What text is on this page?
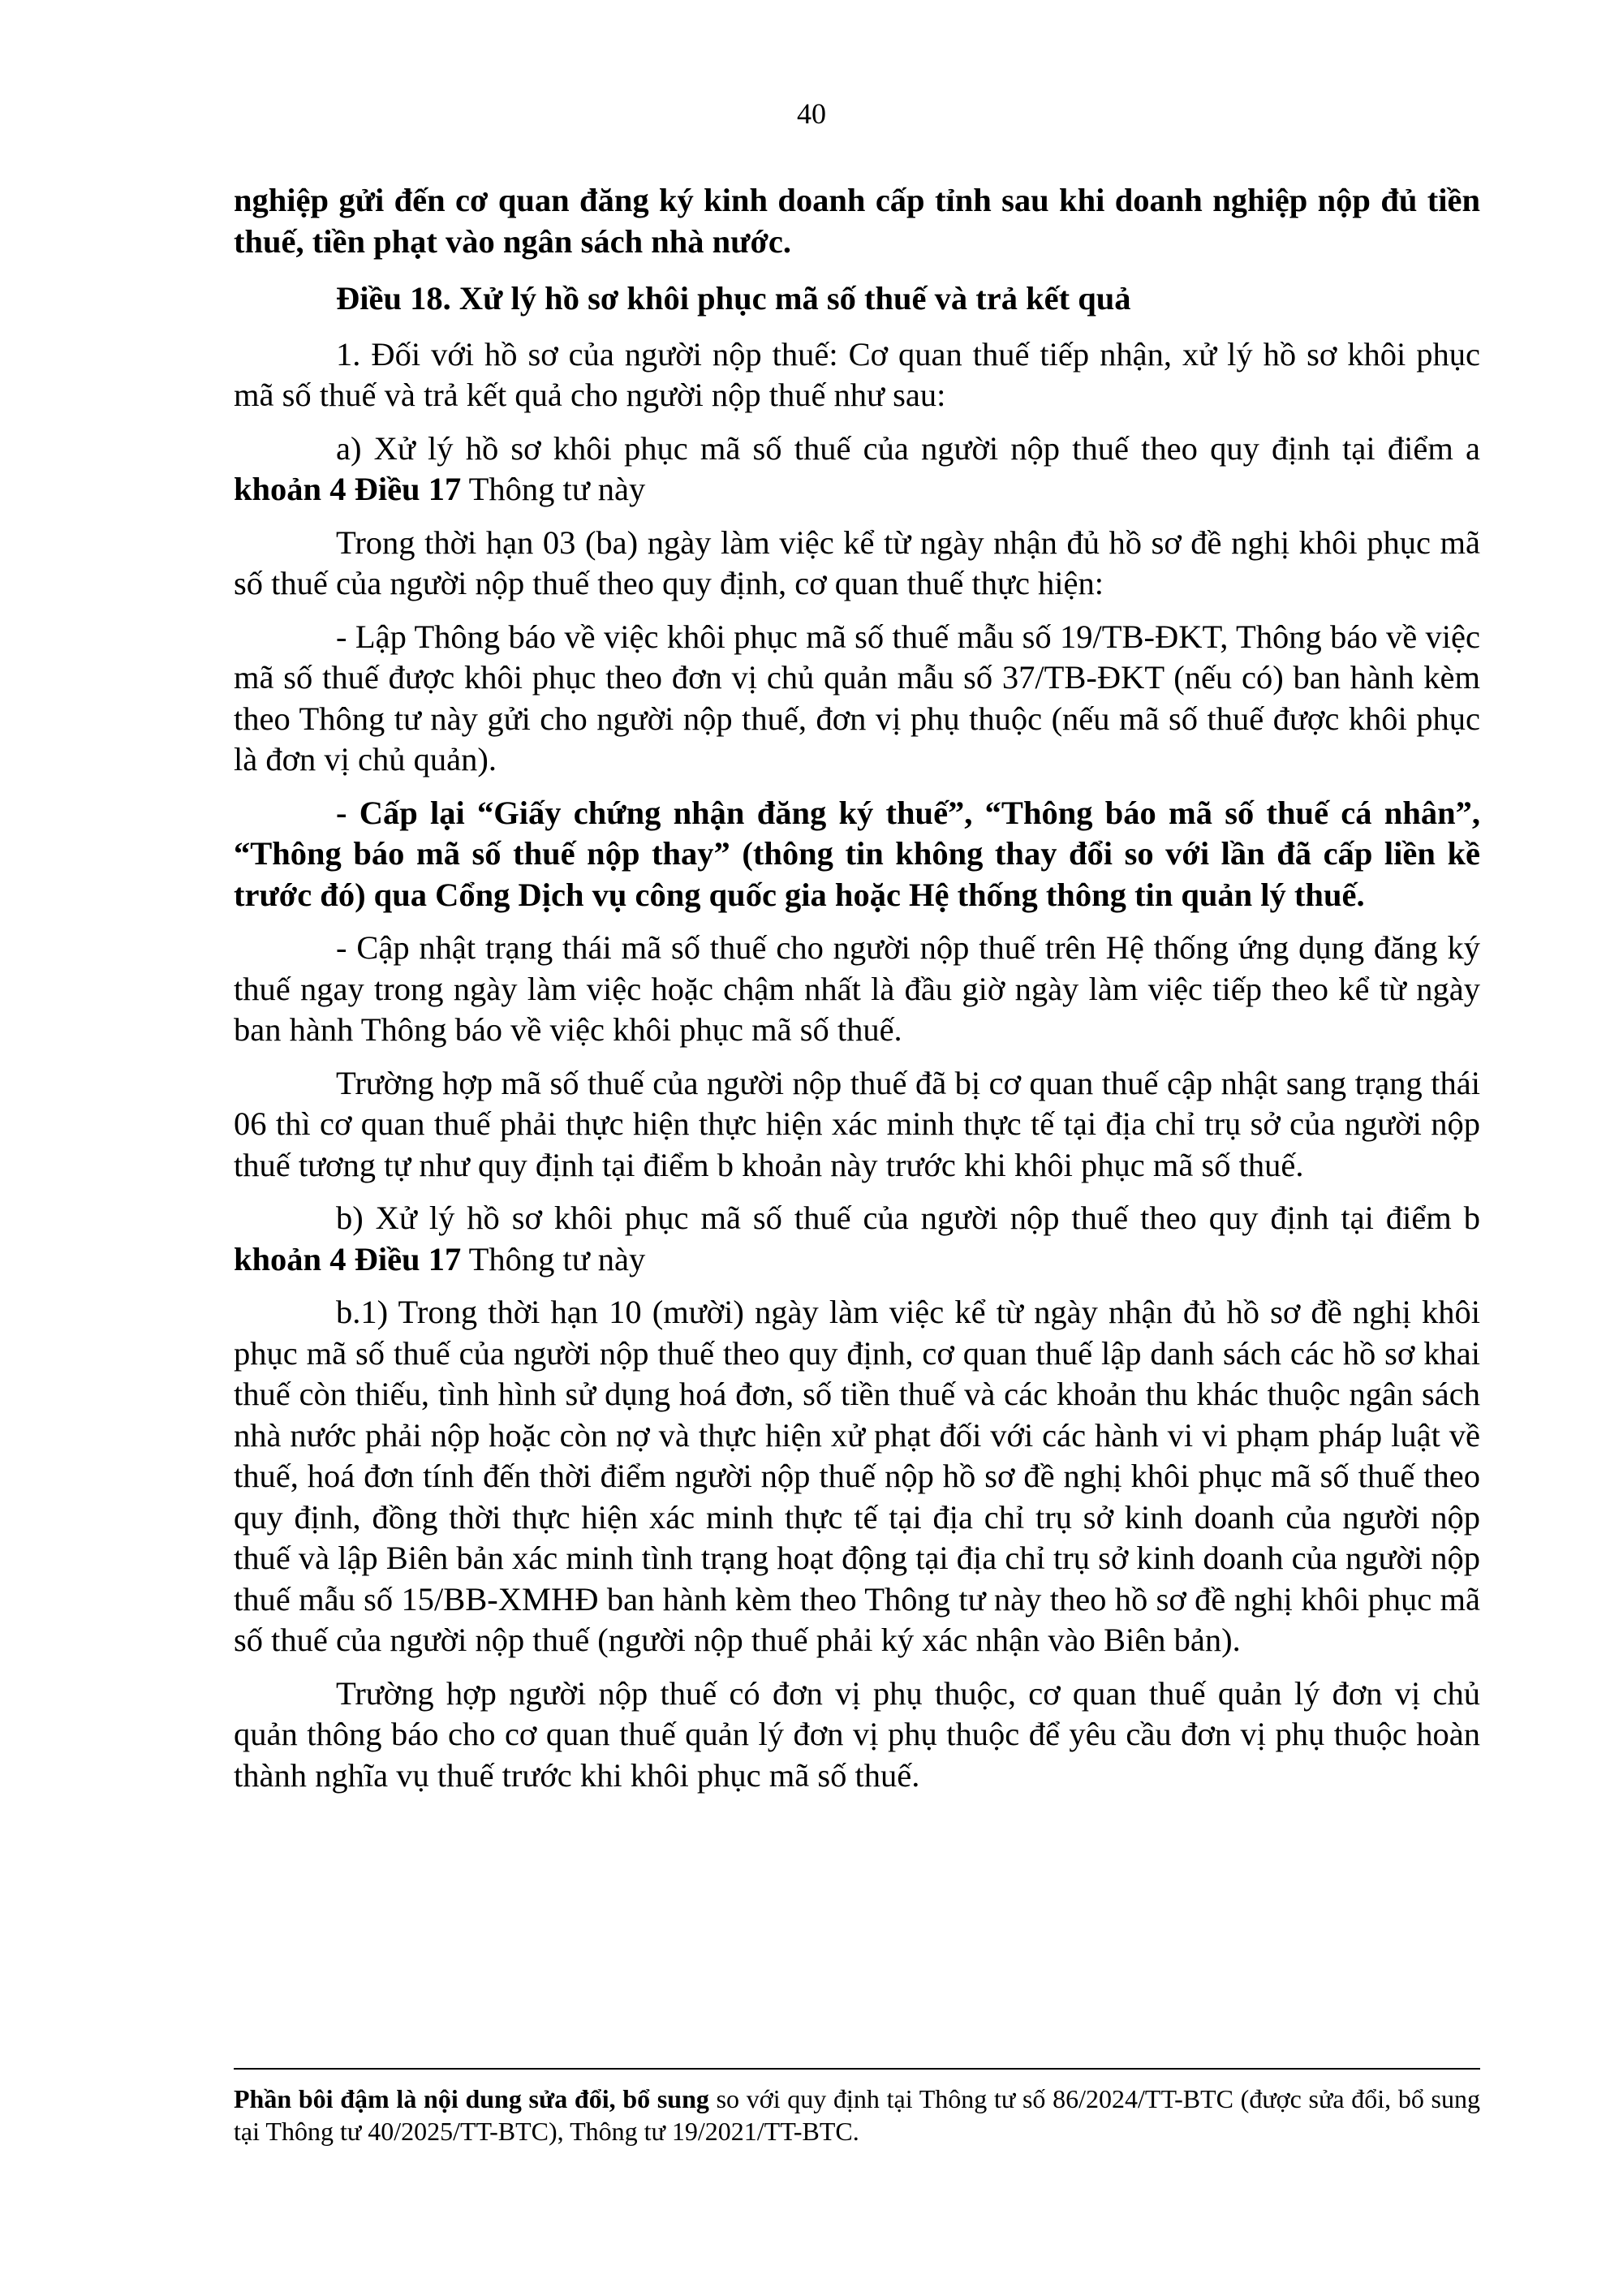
40

nghiệp gửi đến cơ quan đăng ký kinh doanh cấp tỉnh sau khi doanh nghiệp nộp đủ tiền thuế, tiền phạt vào ngân sách nhà nước.

Điều 18. Xử lý hồ sơ khôi phục mã số thuế và trả kết quả

1. Đối với hồ sơ của người nộp thuế: Cơ quan thuế tiếp nhận, xử lý hồ sơ khôi phục mã số thuế và trả kết quả cho người nộp thuế như sau:

a) Xử lý hồ sơ khôi phục mã số thuế của người nộp thuế theo quy định tại điểm a khoản 4 Điều 17 Thông tư này

Trong thời hạn 03 (ba) ngày làm việc kể từ ngày nhận đủ hồ sơ đề nghị khôi phục mã số thuế của người nộp thuế theo quy định, cơ quan thuế thực hiện:

- Lập Thông báo về việc khôi phục mã số thuế mẫu số 19/TB-ĐKT, Thông báo về việc mã số thuế được khôi phục theo đơn vị chủ quản mẫu số 37/TB-ĐKT (nếu có) ban hành kèm theo Thông tư này gửi cho người nộp thuế, đơn vị phụ thuộc (nếu mã số thuế được khôi phục là đơn vị chủ quản).

- Cấp lại “Giấy chứng nhận đăng ký thuế”, “Thông báo mã số thuế cá nhân”, “Thông báo mã số thuế nộp thay” (thông tin không thay đổi so với lần đã cấp liền kề trước đó) qua Cổng Dịch vụ công quốc gia hoặc Hệ thống thông tin quản lý thuế.

- Cập nhật trạng thái mã số thuế cho người nộp thuế trên Hệ thống ứng dụng đăng ký thuế ngay trong ngày làm việc hoặc chậm nhất là đầu giờ ngày làm việc tiếp theo kể từ ngày ban hành Thông báo về việc khôi phục mã số thuế.

Trường hợp mã số thuế của người nộp thuế đã bị cơ quan thuế cập nhật sang trạng thái 06 thì cơ quan thuế phải thực hiện thực hiện xác minh thực tế tại địa chỉ trụ sở của người nộp thuế tương tự như quy định tại điểm b khoản này trước khi khôi phục mã số thuế.

b) Xử lý hồ sơ khôi phục mã số thuế của người nộp thuế theo quy định tại điểm b khoản 4 Điều 17 Thông tư này

b.1) Trong thời hạn 10 (mười) ngày làm việc kể từ ngày nhận đủ hồ sơ đề nghị khôi phục mã số thuế của người nộp thuế theo quy định, cơ quan thuế lập danh sách các hồ sơ khai thuế còn thiếu, tình hình sử dụng hoá đơn, số tiền thuế và các khoản thu khác thuộc ngân sách nhà nước phải nộp hoặc còn nợ và thực hiện xử phạt đối với các hành vi vi phạm pháp luật về thuế, hoá đơn tính đến thời điểm người nộp thuế nộp hồ sơ đề nghị khôi phục mã số thuế theo quy định, đồng thời thực hiện xác minh thực tế tại địa chỉ trụ sở kinh doanh của người nộp thuế và lập Biên bản xác minh tình trạng hoạt động tại địa chỉ trụ sở kinh doanh của người nộp thuế mẫu số 15/BB-XMHĐ ban hành kèm theo Thông tư này theo hồ sơ đề nghị khôi phục mã số thuế của người nộp thuế (người nộp thuế phải ký xác nhận vào Biên bản).

Trường hợp người nộp thuế có đơn vị phụ thuộc, cơ quan thuế quản lý đơn vị chủ quản thông báo cho cơ quan thuế quản lý đơn vị phụ thuộc để yêu cầu đơn vị phụ thuộc hoàn thành nghĩa vụ thuế trước khi khôi phục mã số thuế.

Phần bôi đậm là nội dung sửa đổi, bổ sung so với quy định tại Thông tư số 86/2024/TT-BTC (được sửa đổi, bổ sung tại Thông tư 40/2025/TT-BTC), Thông tư 19/2021/TT-BTC.
